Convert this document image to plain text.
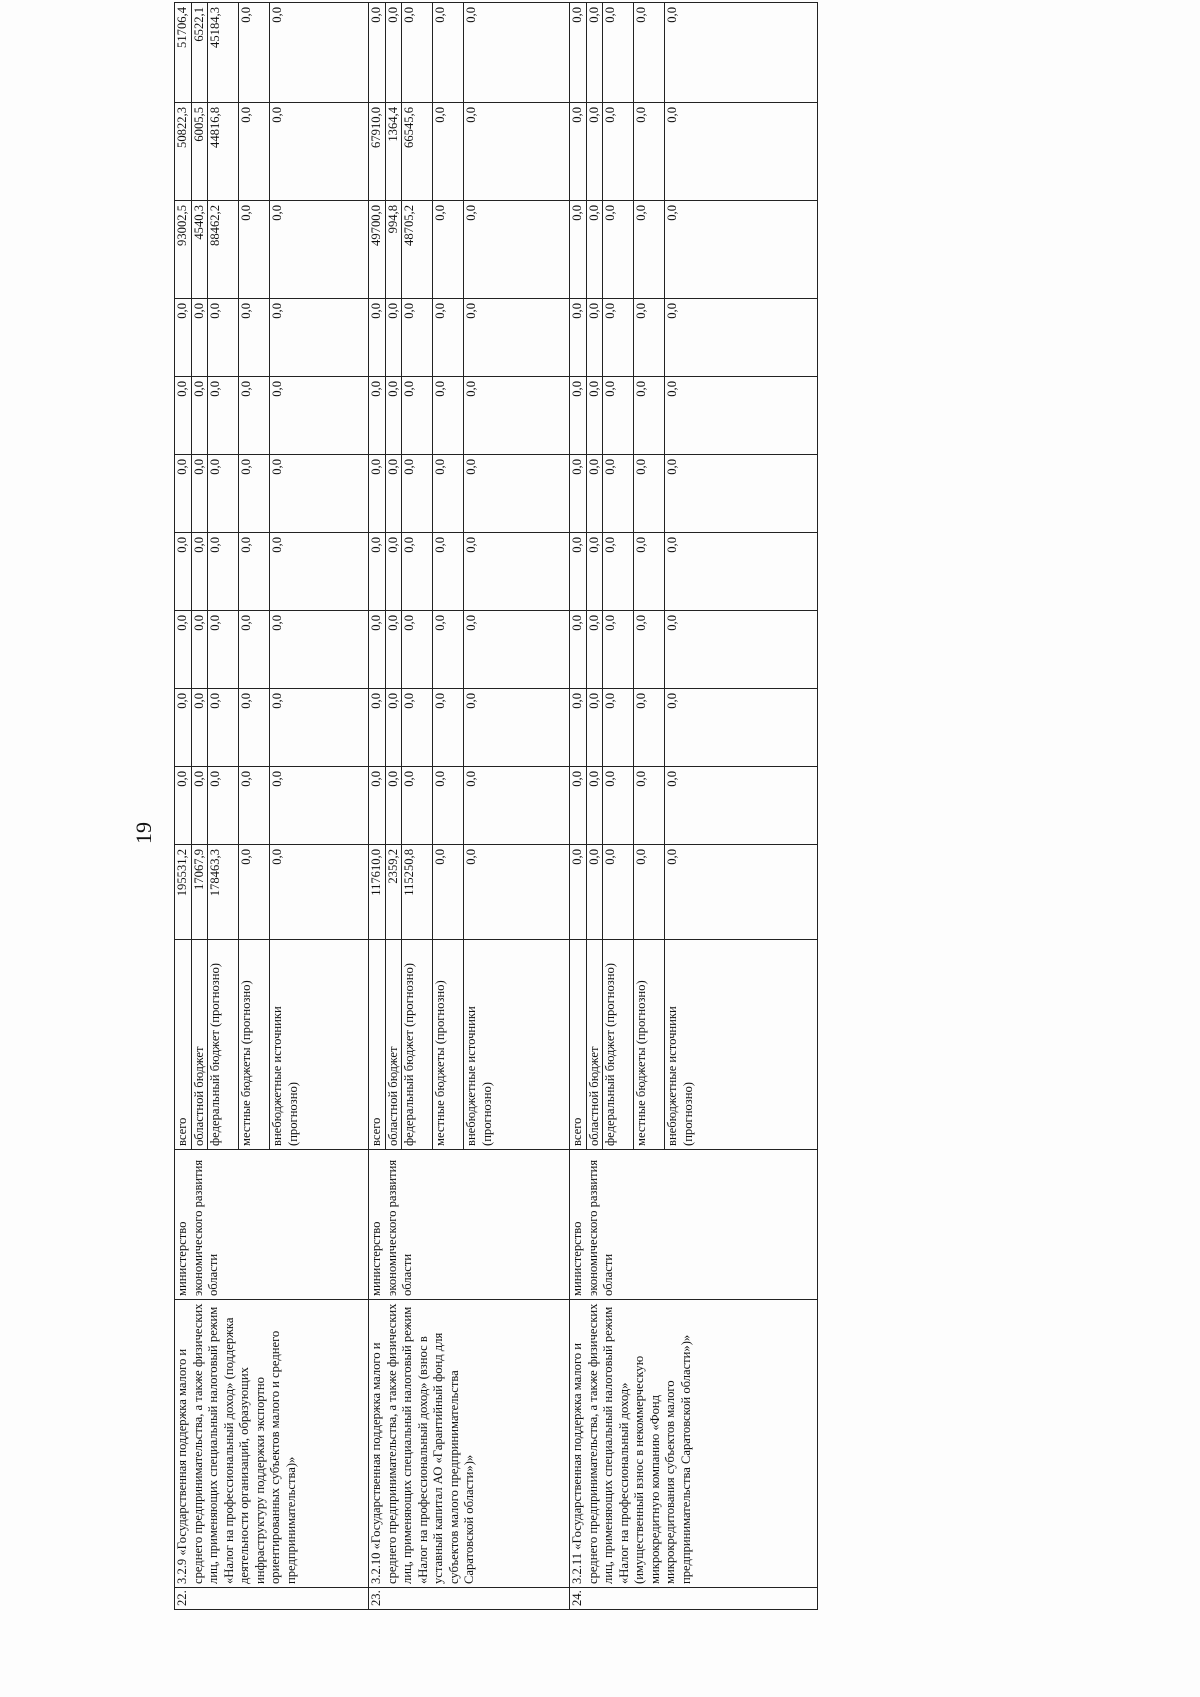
19
22.	3.2.9 «Государственная поддержка малого и среднего предпринимательства, а также физических лиц, применяющих специальный налоговый режим «Налог на профессиональный доход» (поддержка деятельности организаций, образующих инфраструктуру поддержки экспортно ориентированных субъектов малого и среднего предпринимательства)»	министерство экономического развития области	всего	195531,2	0,0	0,0	0,0	0,0	0,0	0,0	0,0	93002,5	50822,3	51706,4
			областной бюджет	17067,9	0,0	0,0	0,0	0,0	0,0	0,0	0,0	4540,3	6005,5	6522,1
			федеральный бюджет (прогнозно)	178463,3	0,0	0,0	0,0	0,0	0,0	0,0	0,0	88462,2	44816,8	45184,3
			местные бюджеты (прогнозно)	0,0	0,0	0,0	0,0	0,0	0,0	0,0	0,0	0,0	0,0	0,0
			внебюджетные источники (прогнозно)	0,0	0,0	0,0	0,0	0,0	0,0	0,0	0,0	0,0	0,0	0,0
23.	3.2.10 «Государственная поддержка малого и среднего предпринимательства, а также физических лиц, применяющих специальный налоговый режим «Налог на профессиональный доход» (взнос в уставный капитал АО «Гарантийный фонд для субъектов малого предпринимательства Саратовской области»)»	министерство экономического развития области	всего	117610,0	0,0	0,0	0,0	0,0	0,0	0,0	0,0	49700,0	67910,0	0,0
			областной бюджет	2359,2	0,0	0,0	0,0	0,0	0,0	0,0	0,0	994,8	1364,4	0,0
			федеральный бюджет (прогнозно)	115250,8	0,0	0,0	0,0	0,0	0,0	0,0	0,0	48705,2	66545,6	0,0
			местные бюджеты (прогнозно)	0,0	0,0	0,0	0,0	0,0	0,0	0,0	0,0	0,0	0,0	0,0
			внебюджетные источники (прогнозно)	0,0	0,0	0,0	0,0	0,0	0,0	0,0	0,0	0,0	0,0	0,0
24.	3.2.11 «Государственная поддержка малого и среднего предпринимательства, а также физических лиц, применяющих специальный налоговый режим «Налог на профессиональный доход» (имущественный взнос в некоммерческую микрокредитную компанию «Фонд микрокредитования субъектов малого предпринимательства Саратовской области»)»	министерство экономического развития области	всего	0,0	0,0	0,0	0,0	0,0	0,0	0,0	0,0	0,0	0,0	0,0
			областной бюджет	0,0	0,0	0,0	0,0	0,0	0,0	0,0	0,0	0,0	0,0	0,0
			федеральный бюджет (прогнозно)	0,0	0,0	0,0	0,0	0,0	0,0	0,0	0,0	0,0	0,0	0,0
			местные бюджеты (прогнозно)	0,0	0,0	0,0	0,0	0,0	0,0	0,0	0,0	0,0	0,0	0,0
			внебюджетные источники (прогнозно)	0,0	0,0	0,0	0,0	0,0	0,0	0,0	0,0	0,0	0,0	0,0
